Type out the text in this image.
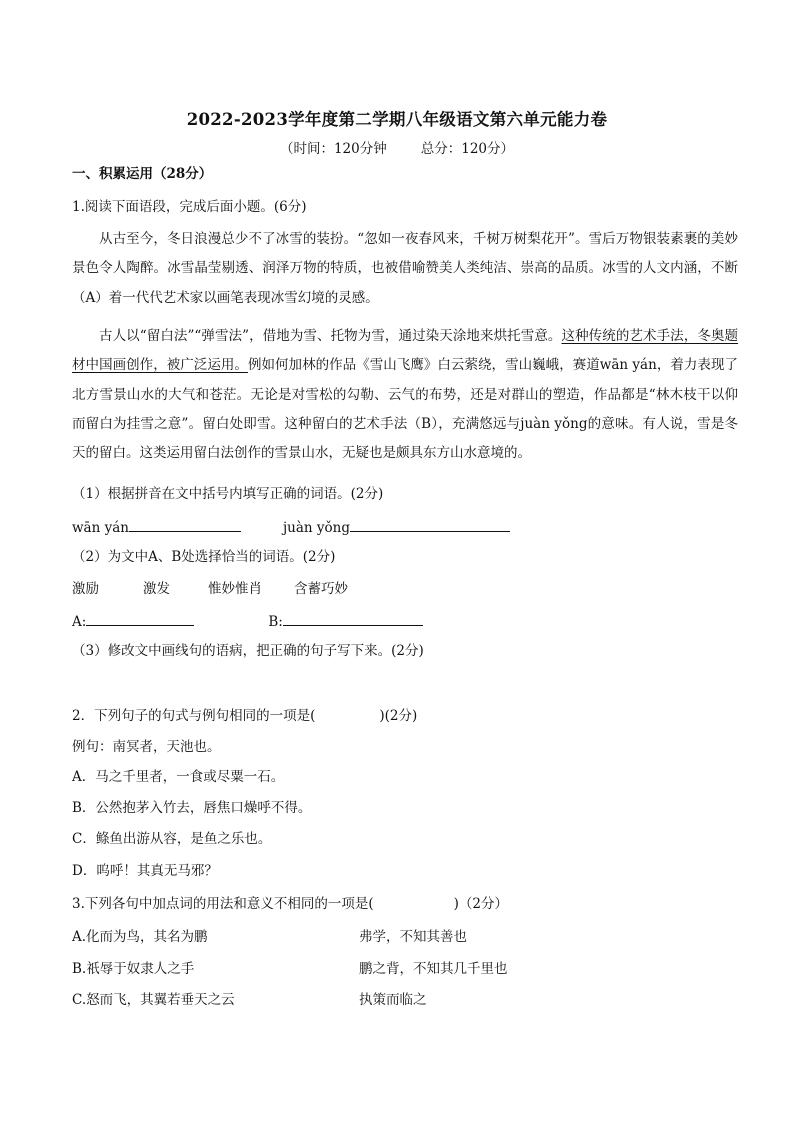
2022-2023学年度第二学期八年级语文第六单元能力卷
（时间：120分钟	总分：120分）
一、积累运用（28分）
1.阅读下面语段，完成后面小题。(6分)
从古至今，冬日浪漫总少不了冰雪的装扮。“忽如一夜春风来，千树万树梨花开”。雪后万物银装素裹的美妙景色令人陶醉。冰雪晶莹剔透、润泽万物的特质，也被借喻赞美人类纯洁、崇高的品质。冰雪的人文内涵，不断（A）着一代代艺术家以画笔表现冰雪幻境的灵感。
古人以“留白法”“弹雪法”，借地为雪、托物为雪，通过染天涂地来烘托雪意。这种传统的艺术手法，冬奥题材中国画创作，被广泛运用。例如何加林的作品《雪山飞鹰》白云萦绕，雪山巍峨，赛道wān yán，着力表现了北方雪景山水的大气和苍茫。无论是对雪松的勾勒、云气的布势，还是对群山的塑造，作品都是“林木枝干以仰而留白为挂雪之意”。留白处即雪。这种留白的艺术手法（B），充满悠远与juàn yǒng的意味。有人说，雪是冬天的留白。这类运用留白法创作的雪景山水，无疑也是颇具东方山水意境的。
（1）根据拼音在文中括号内填写正确的词语。(2分)
wān yán	juàn yǒng
（2）为文中A、B处选择恰当的词语。(2分)
激励	激发	惟妙惟肖 含蓄巧妙
A:	B:
（3）修改文中画线句的语病，把正确的句子写下来。(2分)
2．下列句子的句式与例句相同的一项是(	)(2分)
例句：南冥者，天池也。
A．马之千里者，一食或尽粟一石。
B．公然抱茅入竹去，唇焦口燥呼不得。
C．鲦鱼出游从容，是鱼之乐也。
D．呜呼！其真无马邪？
3.下列各句中加点词的用法和意义不相同的一项是(	)（2分）
A.化而为鸟，其名为鹏	弗学，不知其善也
B.祇辱于奴隶人之手	鹏之背，不知其几千里也
C.怒而飞，其翼若垂天之云	执策而临之
